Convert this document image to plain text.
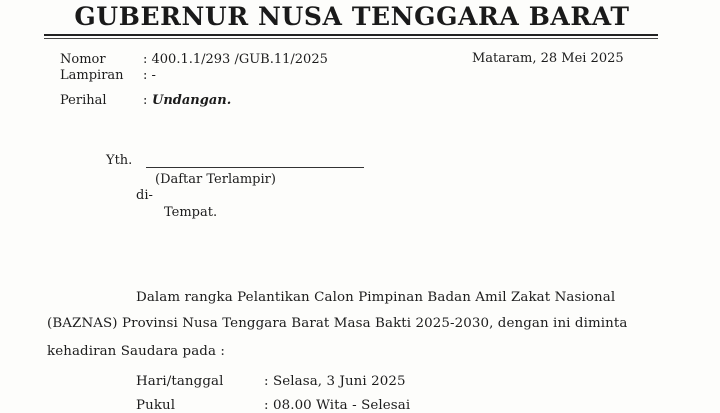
GUBERNUR NUSA TENGGARA BARAT
Nomor	: 400.1.1/293 /GUB.11/2025	Mataram, 28 Mei 2025
Lampiran : -
Perihal	: Undangan.
Yth.
(Daftar Terlampir)
di-
Tempat.
Dalam rangka Pelantikan Calon Pimpinan Badan Amil Zakat Nasional
(BAZNAS) Provinsi Nusa Tenggara Barat Masa Bakti 2025-2030, dengan ini diminta
kehadiran Saudara pada :
Hari/tanggal	: Selasa, 3 Juni 2025
Pukul	: 08.00 Wita - Selesai
